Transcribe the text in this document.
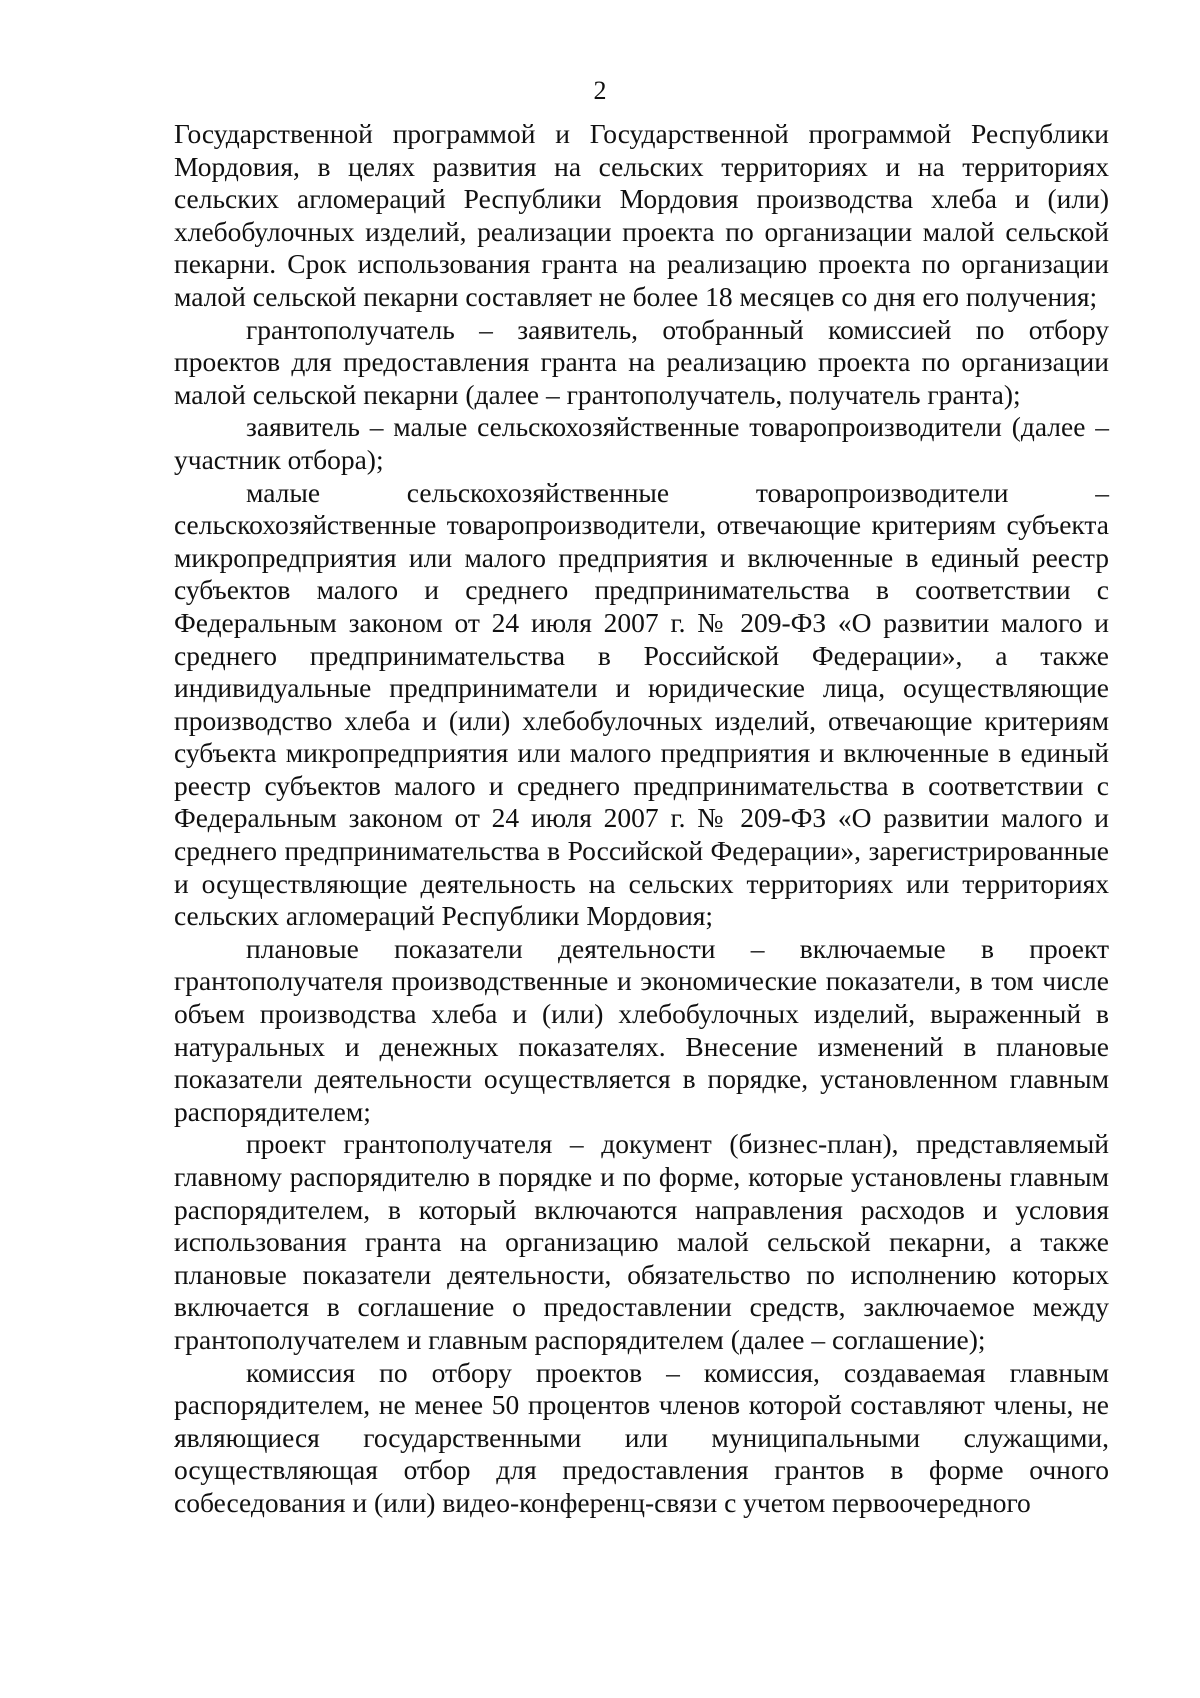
2

Государственной программой и Государственной программой Республики Мордовия, в целях развития на сельских территориях и на территориях сельских агломераций Республики Мордовия производства хлеба и (или) хлебобулочных изделий, реализации проекта по организации малой сельской пекарни. Срок использования гранта на реализацию проекта по организации малой сельской пекарни составляет не более 18 месяцев со дня его получения;

грантополучатель – заявитель, отобранный комиссией по отбору проектов для предоставления гранта на реализацию проекта по организации малой сельской пекарни (далее – грантополучатель, получатель гранта);

заявитель – малые сельскохозяйственные товаропроизводители (далее – участник отбора);

малые сельскохозяйственные товаропроизводители – сельскохозяйственные товаропроизводители, отвечающие критериям субъекта микропредприятия или малого предприятия и включенные в единый реестр субъектов малого и среднего предпринимательства в соответствии с Федеральным законом от 24 июля 2007 г. № 209-ФЗ «О развитии малого и среднего предпринимательства в Российской Федерации», а также индивидуальные предприниматели и юридические лица, осуществляющие производство хлеба и (или) хлебобулочных изделий, отвечающие критериям субъекта микропредприятия или малого предприятия и включенные в единый реестр субъектов малого и среднего предпринимательства в соответствии с Федеральным законом от 24 июля 2007 г. № 209-ФЗ «О развитии малого и среднего предпринимательства в Российской Федерации», зарегистрированные и осуществляющие деятельность на сельских территориях или территориях сельских агломераций Республики Мордовия;

плановые показатели деятельности – включаемые в проект грантополучателя производственные и экономические показатели, в том числе объем производства хлеба и (или) хлебобулочных изделий, выраженный в натуральных и денежных показателях. Внесение изменений в плановые показатели деятельности осуществляется в порядке, установленном главным распорядителем;

проект грантополучателя – документ (бизнес-план), представляемый главному распорядителю в порядке и по форме, которые установлены главным распорядителем, в который включаются направления расходов и условия использования гранта на организацию малой сельской пекарни, а также плановые показатели деятельности, обязательство по исполнению которых включается в соглашение о предоставлении средств, заключаемое между грантополучателем и главным распорядителем (далее – соглашение);

комиссия по отбору проектов – комиссия, создаваемая главным распорядителем, не менее 50 процентов членов которой составляют члены, не являющиеся государственными или муниципальными служащими, осуществляющая отбор для предоставления грантов в форме очного собеседования и (или) видео-конференц-связи с учетом первоочередного
